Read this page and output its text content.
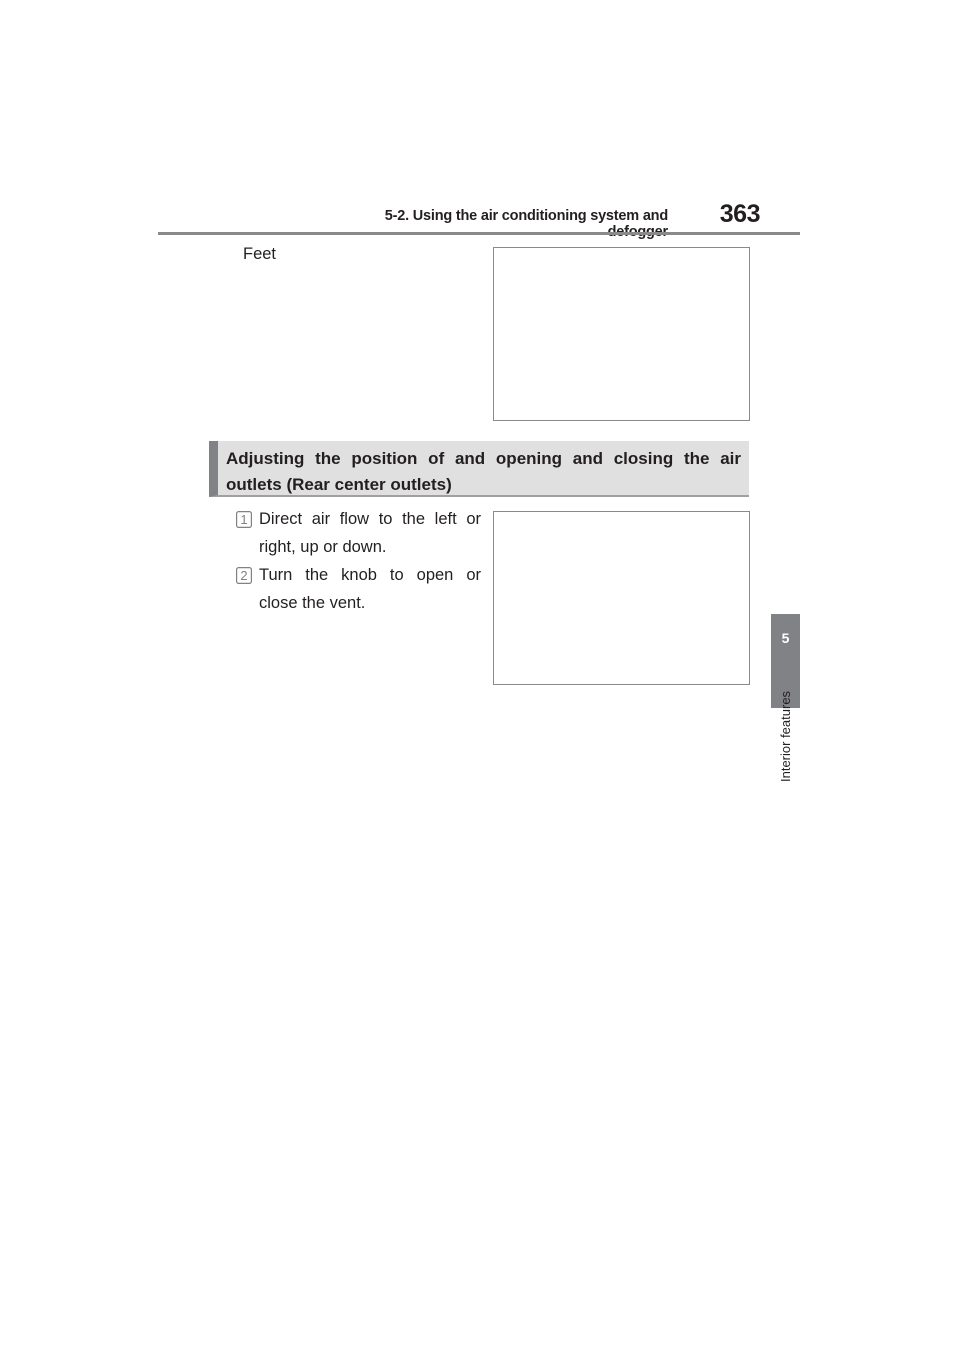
5-2. Using the air conditioning system and	363
5
Interior features
Feet
Adjusting the position of and opening and closing the air outlets (Rear center outlets)
1 Direct air flow to the left or right, up or down.
2 Turn the knob to open or close the vent.
